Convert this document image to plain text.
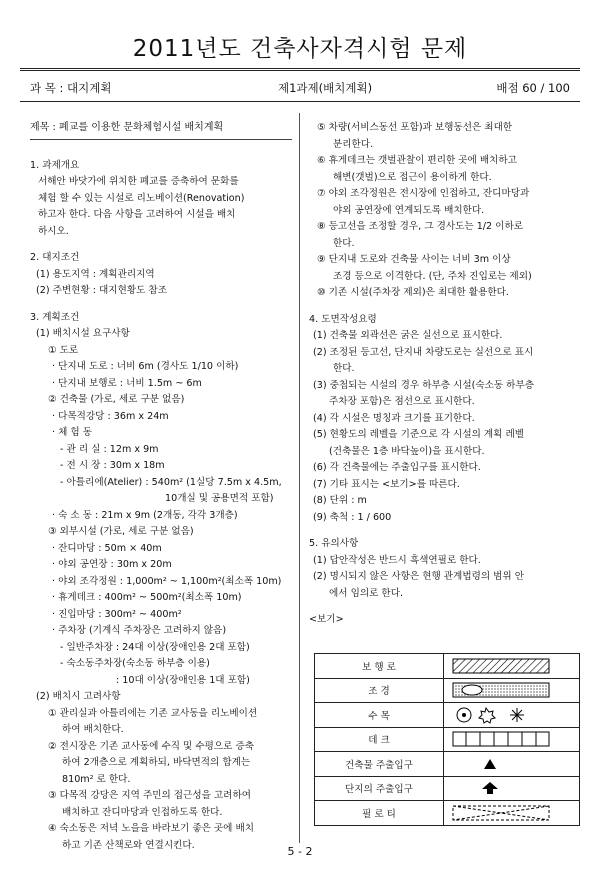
2011년도 건축사자격시험 문제
과 목 : 대지계획	제1과제(배치계획)	배점 60 / 100
제목 : 폐교를 이용한 문화체험시설 배치계획
1. 과제개요
서해안 바닷가에 위치한 폐교를 증축하여 문화를
체험 할 수 있는 시설로 리노베이션(Renovation)
하고자 한다. 다음 사항을 고려하여 시설을 배치
하시오.
2. 대지조건
(1) 용도지역 : 계획관리지역
(2) 주변현황 : 대지현황도 참조
3. 계획조건
(1) 배치시설 요구사항
① 도로
· 단지내 도로 : 너비 6m (경사도 1/10 이하)
· 단지내 보행로 : 너비 1.5m ~ 6m
② 건축물 (가로, 세로 구분 없음)
· 다목적강당 : 36m x 24m
· 체 험 동
- 관 리 실 : 12m x 9m
- 전 시 장 : 30m x 18m
- 아틀리에(Atelier) : 540m² (1실당 7.5m x 4.5m,
10개실 및 공용면적 포함)
· 숙 소 동 : 21m x 9m (2개동, 각각 3개층)
③ 외부시설 (가로, 세로 구분 없음)
· 잔디마당 : 50m × 40m
· 야외 공연장 : 30m x 20m
· 야외 조각정원 : 1,000m² ~ 1,100m²(최소폭 10m)
· 휴게데크 : 400m² ~ 500m²(최소폭 10m)
· 진입마당 : 300m² ~ 400m²
· 주차장 (기계식 주차장은 고려하지 않음)
- 일반주차장 : 24대 이상(장애인용 2대 포함)
- 숙소동주차장(숙소동 하부층 이용)
: 10대 이상(장애인용 1대 포함)
(2) 배치시 고려사항
① 관리실과 아틀리에는 기존 교사동을 리노베이션
하여 배치한다.
② 전시장은 기존 교사동에 수직 및 수평으로 증축
하여 2개층으로 계획하되, 바닥면적의 합계는
810m² 로 한다.
③ 다목적 강당은 지역 주민의 접근성을 고려하여
배치하고 잔디마당과 인접하도록 한다.
④ 숙소동은 저녁 노을을 바라보기 좋은 곳에 배치
하고 기존 산책로와 연결시킨다.
⑤ 차량(서비스동선 포함)과 보행동선은 최대한
분리한다.
⑥ 휴게데크는 갯벌관찰이 편리한 곳에 배치하고
해변(갯벌)으로 접근이 용이하게 한다.
⑦ 야외 조각정원은 전시장에 인접하고, 잔디마당과
야외 공연장에 연계되도록 배치한다.
⑧ 등고선을 조정할 경우, 그 경사도는 1/2 이하로
한다.
⑨ 단지내 도로와 건축물 사이는 너비 3m 이상
조경 등으로 이격한다. (단, 주차 진입로는 제외)
⑩ 기존 시설(주차장 제외)은 최대한 활용한다.
4. 도면작성요령
(1) 건축물 외곽선은 굵은 실선으로 표시한다.
(2) 조정된 등고선, 단지내 차량도로는 실선으로 표시
한다.
(3) 중첩되는 시설의 경우 하부층 시설(숙소동 하부층
주차장 포함)은 점선으로 표시한다.
(4) 각 시설은 명칭과 크기를 표기한다.
(5) 현황도의 레벨을 기준으로 각 시설의 계획 레벨
(건축물은 1층 바닥높이)을 표시한다.
(6) 각 건축물에는 주출입구를 표시한다.
(7) 기타 표시는 <보기>를 따른다.
(8) 단위 : m
(9) 축척 : 1 / 600
5. 유의사항
(1) 답안작성은 반드시 흑색연필로 한다.
(2) 명시되지 않은 사항은 현행 관계법령의 범위 안
에서 임의로 한다.
<보기>
보 행 로
조 경
수 목
데 크
건축물 주출입구
단지의 주출입구
필 로 티
5 - 2
